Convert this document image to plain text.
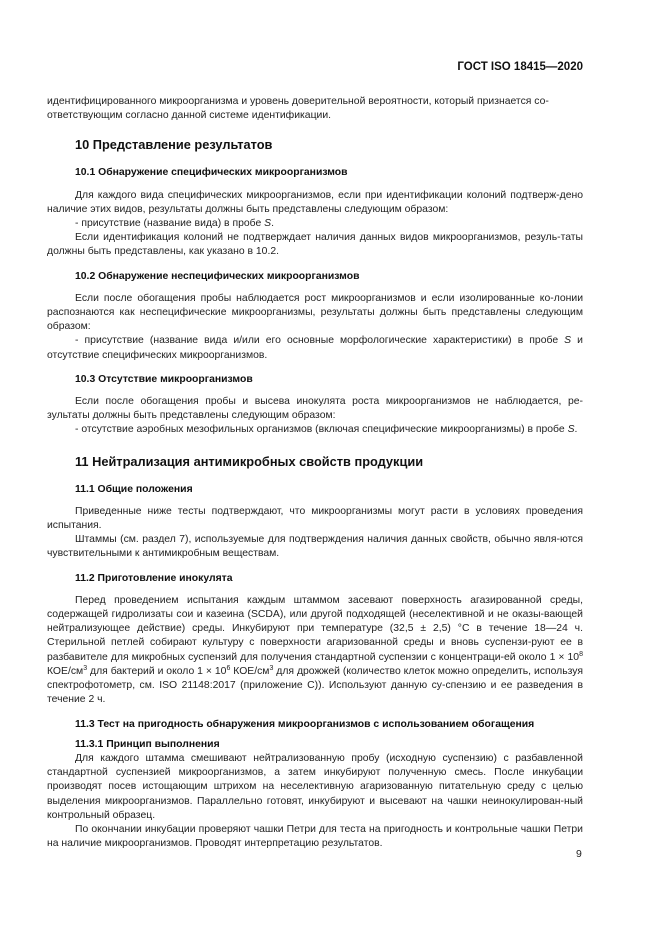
ГОСТ ISO 18415—2020

идентифицированного микроорганизма и уровень доверительной вероятности, который признается со-

ответствующим согласно данной системе идентификации.

10 Представление результатов
10.1 Обнаружение специфических микроорганизмов

Для каждого вида специфических микроорганизмов, если при идентификации колоний подтверж-дено наличие этих видов, результаты должны быть представлены следующим образом:

- присутствие (название вида) в пробе S.

Если идентификация колоний не подтверждает наличия данных видов микроорганизмов, резуль-таты должны быть представлены, как указано в 10.2.

10.2 Обнаружение неспецифических микроорганизмов

Если после обогащения пробы наблюдается рост микроорганизмов и если изолированные ко-лонии распознаются как неспецифические микроорганизмы, результаты должны быть представлены следующим образом:

- присутствие (название вида и/или его основные морфологические характеристики) в пробе S и отсутствие специфических микроорганизмов.

10.3 Отсутствие микроорганизмов

Если после обогащения пробы и высева инокулята роста микроорганизмов не наблюдается, ре-зультаты должны быть представлены следующим образом:

- отсутствие аэробных мезофильных организмов (включая специфические микроорганизмы) в пробе S.

11 Нейтрализация антимикробных свойств продукции
11.1 Общие положения

Приведенные ниже тесты подтверждают, что микроорганизмы могут расти в условиях проведения испытания.

Штаммы (см. раздел 7), используемые для подтверждения наличия данных свойств, обычно явля-ются чувствительными к антимикробным веществам.

11.2 Приготовление инокулята

Перед проведением испытания каждым штаммом засевают поверхность агазированной среды, содержащей гидролизаты сои и казеина (SCDA), или другой подходящей (неселективной и не оказы-вающей нейтрализующее действие) среды. Инкубируют при температуре (32,5 ± 2,5) °С в течение 18—24 ч. Стерильной петлей собирают культуру с поверхности агаризованной среды и вновь суспензи-руют ее в разбавителе для микробных суспензий для получения стандартной суспензии с концентраци-ей около $1 \times 10^8$ КОЕ/$см^3$ для бактерий и около $1 \times 10^6$ КОЕ/$см^3$ для дрожжей (количество клеток можно определить, используя спектрофотометр, см. ISO 21148:2017 (приложение С)). Используют данную су-спензию и ее разведения в течение 2 ч.

11.3 Тест на пригодность обнаружения микроорганизмов с использованием обогащения
11.3.1 Принцип выполнения

Для каждого штамма смешивают нейтрализованную пробу (исходную суспензию) с разбавленной стандартной суспензией микроорганизмов, а затем инкубируют полученную смесь. После инкубации производят посев истощающим штрихом на неселективную агаризованную питательную среду с целью выделения микроорганизмов. Параллельно готовят, инкубируют и высевают на чашки неинокулирован-ный контрольный образец.

По окончании инкубации проверяют чашки Петри для теста на пригодность и контрольные чашки Петри на наличие микроорганизмов. Проводят интерпретацию результатов.

9
